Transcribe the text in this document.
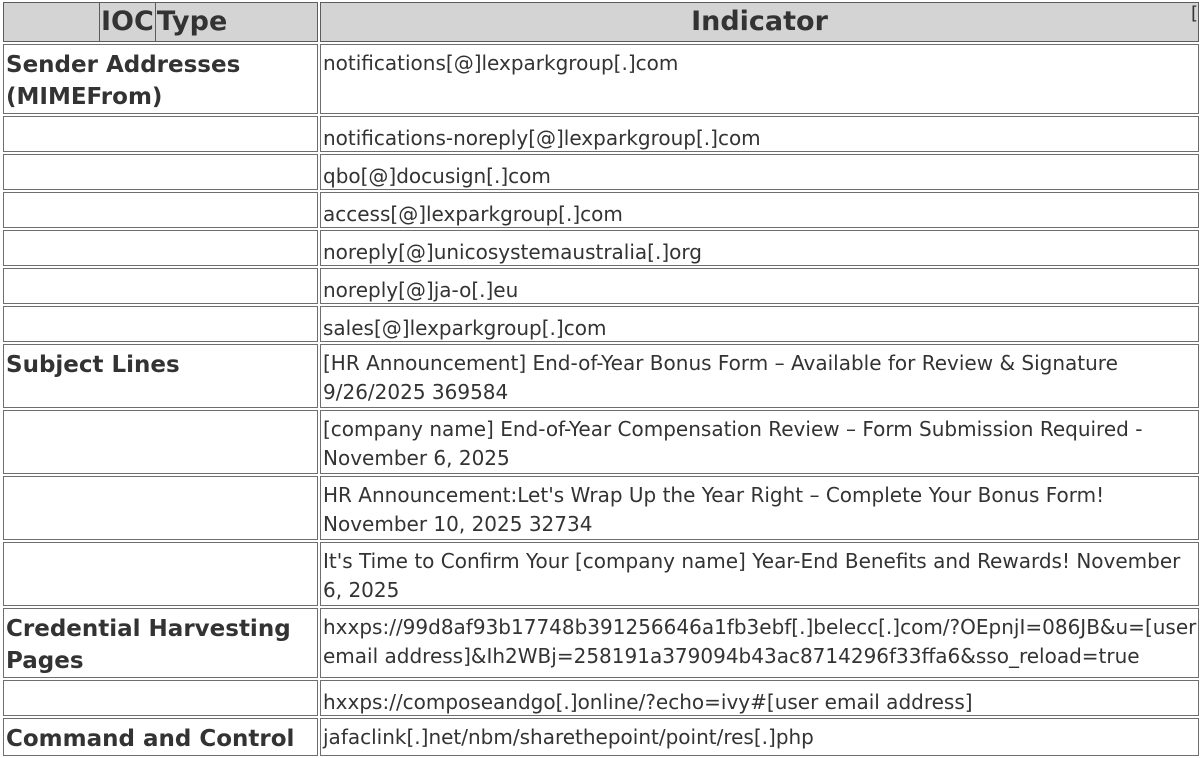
IOC Type	Indicator [

Sender Addresses (MIMEFrom)	notifications[@]lexparkgroup[.]com
	notifications-noreply[@]lexparkgroup[.]com
	qbo[@]docusign[.]com
	access[@]lexparkgroup[.]com
	noreply[@]unicosystemaustralia[.]org
	noreply[@]ja-o[.]eu
	sales[@]lexparkgroup[.]com
Subject Lines	[HR Announcement] End-of-Year Bonus Form – Available for Review & Signature 9/26/2025 369584
	[company name] End-of-Year Compensation Review – Form Submission Required - November 6, 2025
	HR Announcement:Let's Wrap Up the Year Right – Complete Your Bonus Form! November 10, 2025 32734
	It's Time to Confirm Your [company name] Year-End Benefits and Rewards! November 6, 2025
Credential Harvesting Pages	hxxps://99d8af93b17748b391256646a1fb3ebf[.]belecc[.]com/?OEpnjI=086JB&u=[user email address]&Ih2WBj=258191a379094b43ac8714296f33ffa6&sso_reload=true
	hxxps://composeandgo[.]online/?echo=ivy#[user email address]
Command and Control	jafaclink[.]net/nbm/sharethepoint/point/res[.]php
